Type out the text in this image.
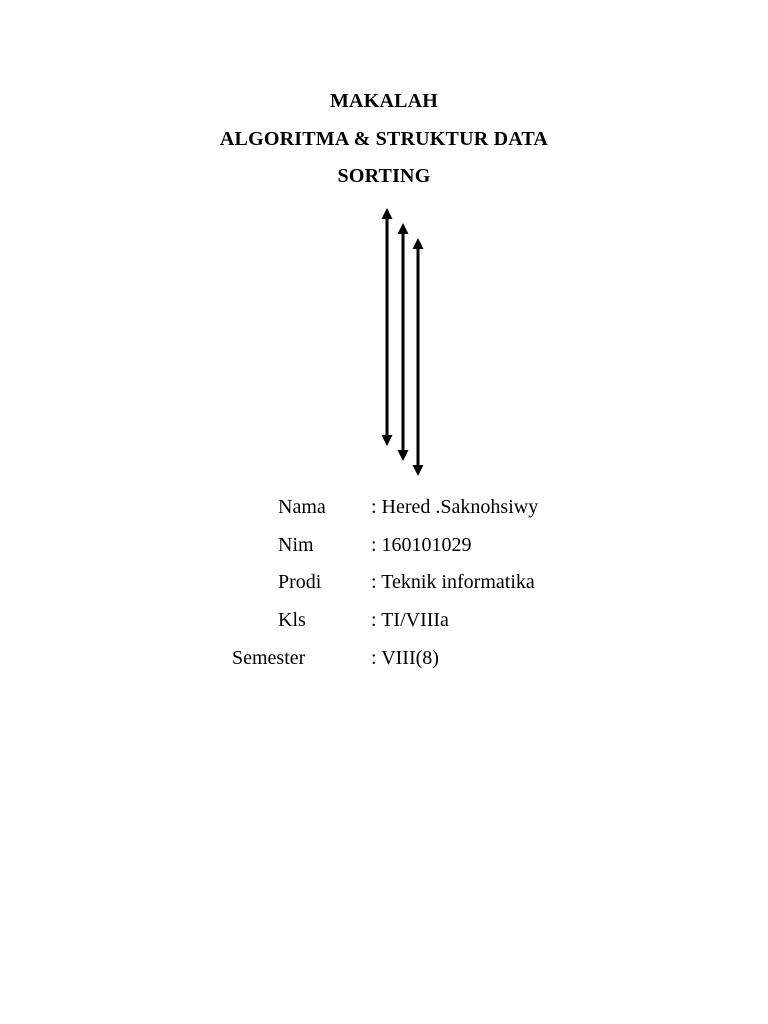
MAKALAH
ALGORITMA & STRUKTUR DATA
SORTING
Nama : Hered .Saknohsiwy
Nim	: 160101029
Prodi : Teknik informatika
Kls	: TI/VIIIa
Semester	: VIII(8)
